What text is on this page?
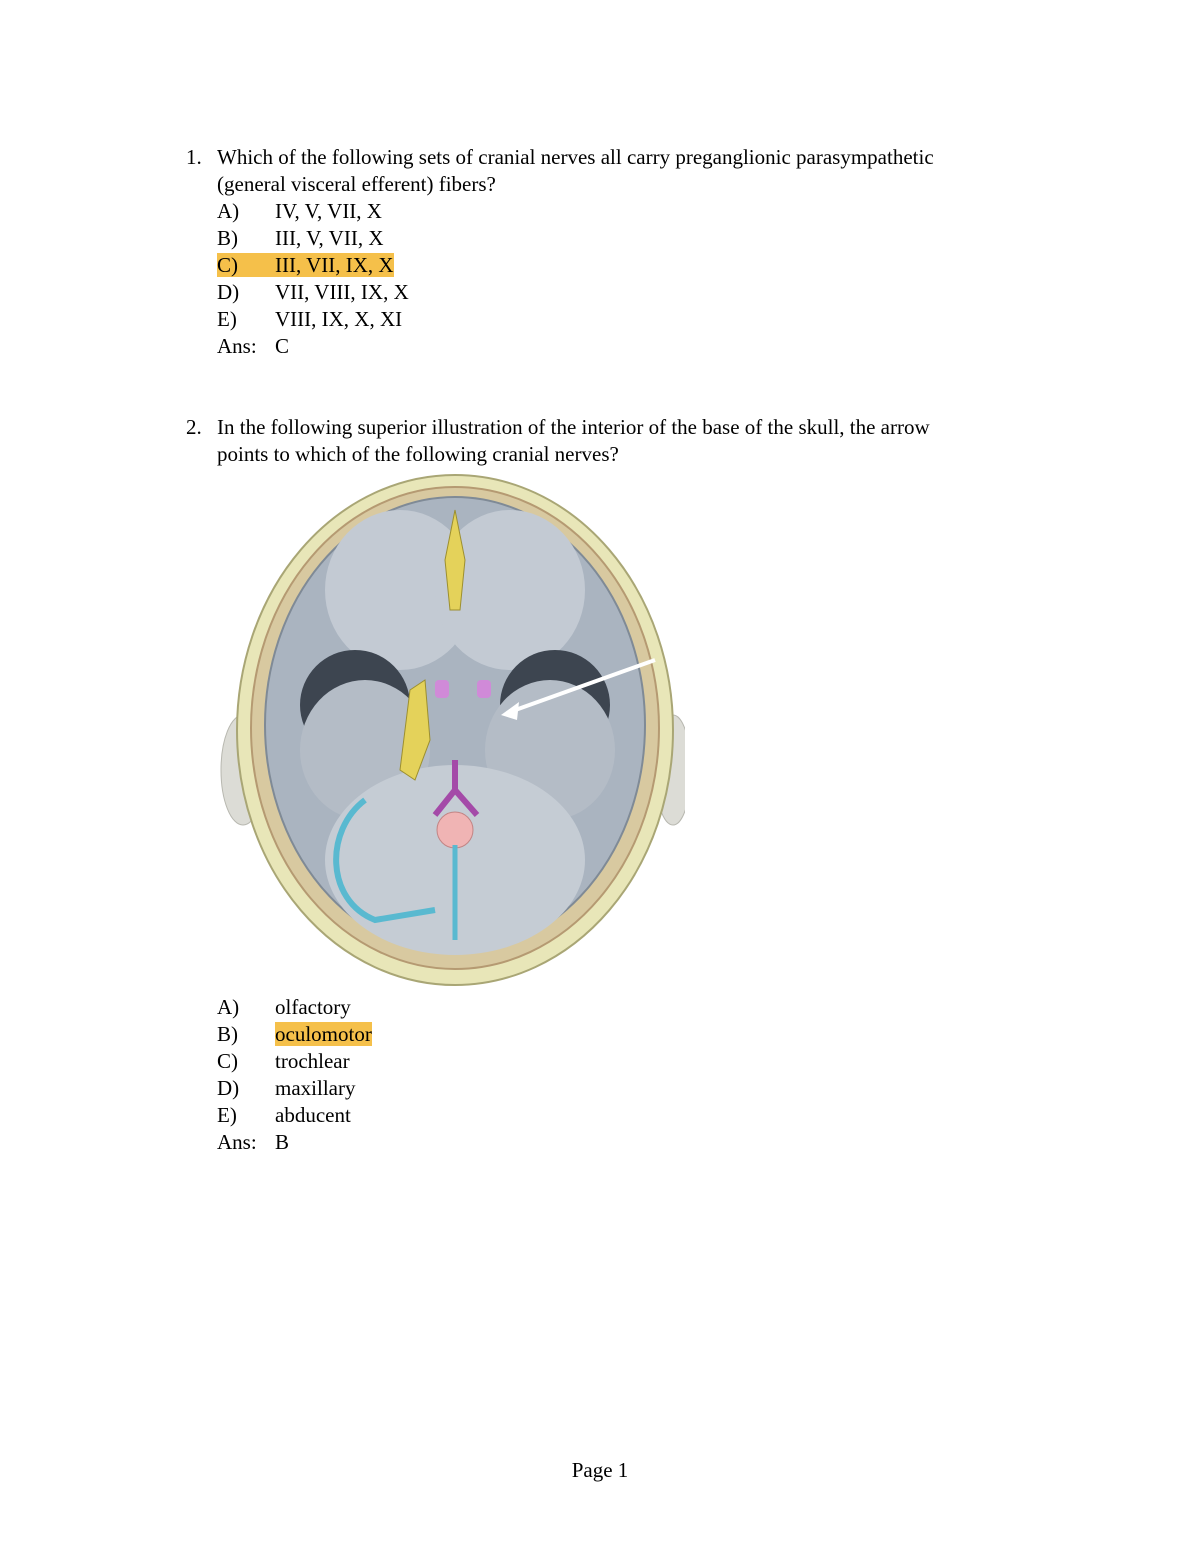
1. Which of the following sets of cranial nerves all carry preganglionic parasympathetic
(general visceral efferent) fibers?
A) IV, V, VII, X
B) III, V, VII, X
C) III, VII, IX, X
D) VII, VIII, IX, X
E) VIII, IX, X, XI
Ans: C
2. In the following superior illustration of the interior of the base of the skull, the arrow
points to which of the following cranial nerves?
A) olfactory
B) oculomotor
C) trochlear
D) maxillary
E) abducent
Ans: B
Page 1
